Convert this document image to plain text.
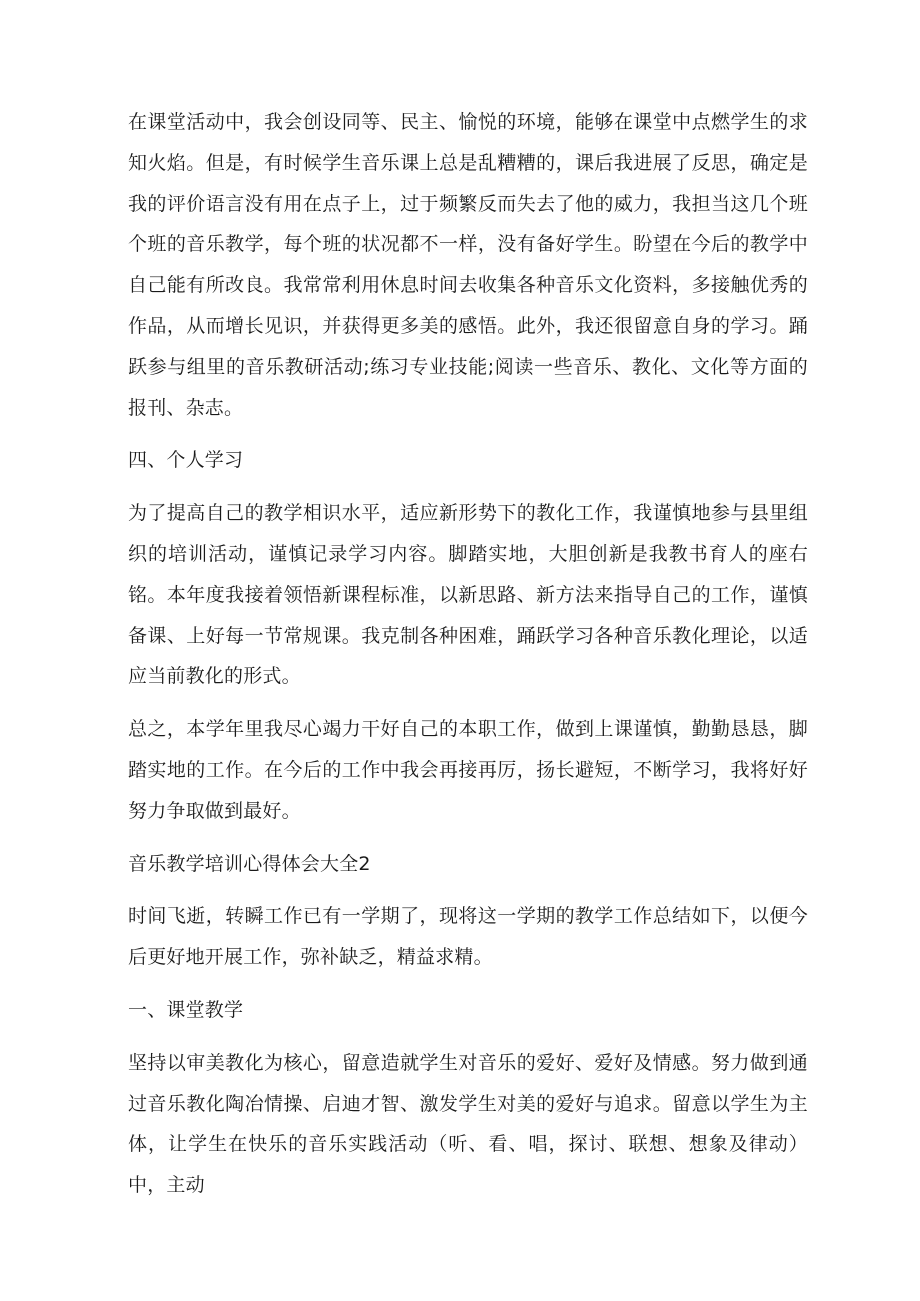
在课堂活动中，我会创设同等、民主、愉悦的环境，能够在课堂中点燃学生的求知火焰。但是，有时候学生音乐课上总是乱糟糟的，课后我进展了反思，确定是我的评价语言没有用在点子上，过于频繁反而失去了他的威力，我担当这几个班个班的音乐教学，每个班的状况都不一样，没有备好学生。盼望在今后的教学中自己能有所改良。我常常利用休息时间去收集各种音乐文化资料，多接触优秀的作品，从而增长见识，并获得更多美的感悟。此外，我还很留意自身的学习。踊跃参与组里的音乐教研活动;练习专业技能;阅读一些音乐、教化、文化等方面的报刊、杂志。

四、个人学习

为了提高自己的教学相识水平，适应新形势下的教化工作，我谨慎地参与县里组织的培训活动，谨慎记录学习内容。脚踏实地，大胆创新是我教书育人的座右铭。本年度我接着领悟新课程标准，以新思路、新方法来指导自己的工作，谨慎备课、上好每一节常规课。我克制各种困难，踊跃学习各种音乐教化理论，以适应当前教化的形式。

总之，本学年里我尽心竭力干好自己的本职工作，做到上课谨慎，勤勤恳恳，脚踏实地的工作。在今后的工作中我会再接再厉，扬长避短，不断学习，我将好好努力争取做到最好。

音乐教学培训心得体会大全2

时间飞逝，转瞬工作已有一学期了，现将这一学期的教学工作总结如下，以便今后更好地开展工作，弥补缺乏，精益求精。

一、课堂教学

坚持以审美教化为核心，留意造就学生对音乐的爱好、爱好及情感。努力做到通过音乐教化陶冶情操、启迪才智、激发学生对美的爱好与追求。留意以学生为主体，让学生在快乐的音乐实践活动（听、看、唱，探讨、联想、想象及律动）中，主动
